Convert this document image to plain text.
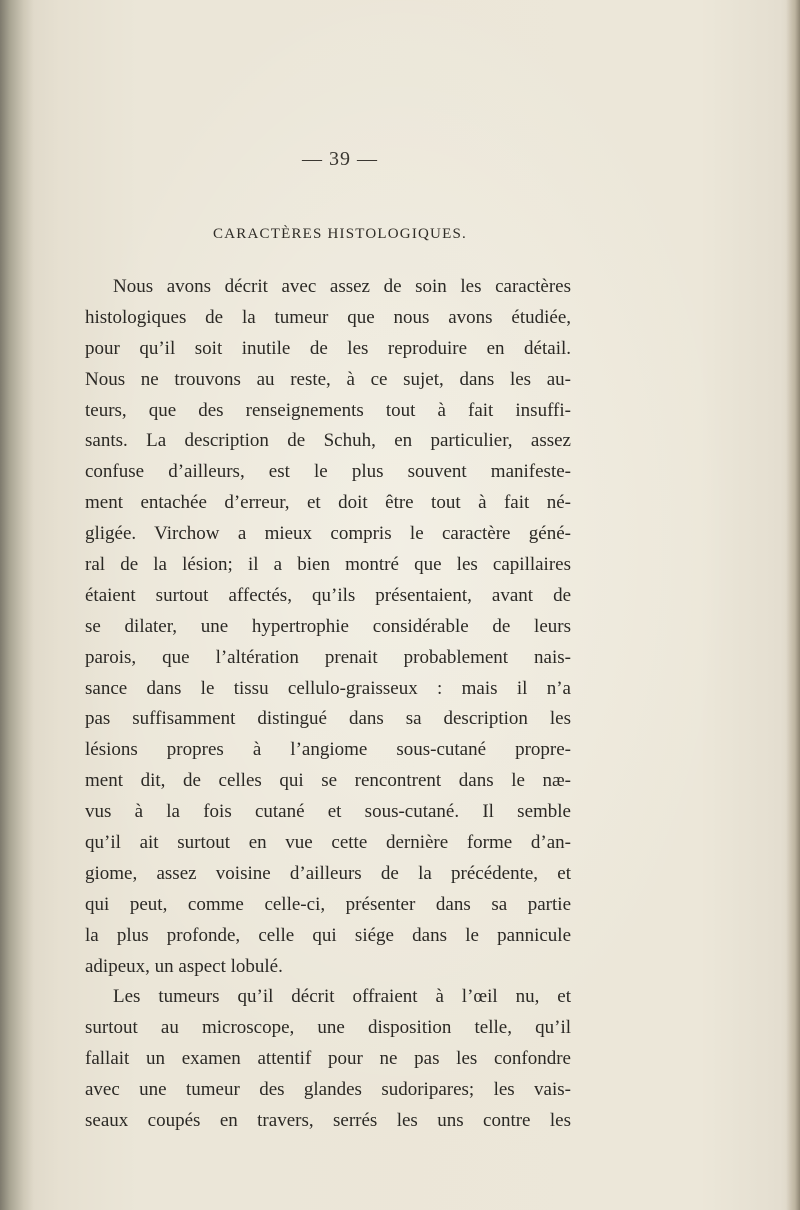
— 39 —
CARACTÈRES HISTOLOGIQUES.
Nous avons décrit avec assez de soin les caractères
histologiques de la tumeur que nous avons étudiée,
pour qu’il soit inutile de les reproduire en détail.
Nous ne trouvons au reste, à ce sujet, dans les au-
teurs, que des renseignements tout à fait insuffi-
sants. La description de Schuh, en particulier, assez
confuse d’ailleurs, est le plus souvent manifeste-
ment entachée d’erreur, et doit être tout à fait né-
gligée. Virchow a mieux compris le caractère géné-
ral de la lésion; il a bien montré que les capillaires
étaient surtout affectés, qu’ils présentaient, avant de
se dilater, une hypertrophie considérable de leurs
parois, que l’altération prenait probablement nais-
sance dans le tissu cellulo-graisseux : mais il n’a
pas suffisamment distingué dans sa description les
lésions propres à l’angiome sous-cutané propre-
ment dit, de celles qui se rencontrent dans le næ-
vus à la fois cutané et sous-cutané. Il semble
qu’il ait surtout en vue cette dernière forme d’an-
giome, assez voisine d’ailleurs de la précédente, et
qui peut, comme celle-ci, présenter dans sa partie
la plus profonde, celle qui siége dans le pannicule
adipeux, un aspect lobulé.
Les tumeurs qu’il décrit offraient à l’œil nu, et
surtout au microscope, une disposition telle, qu’il
fallait un examen attentif pour ne pas les confondre
avec une tumeur des glandes sudoripares; les vais-
seaux coupés en travers, serrés les uns contre les
